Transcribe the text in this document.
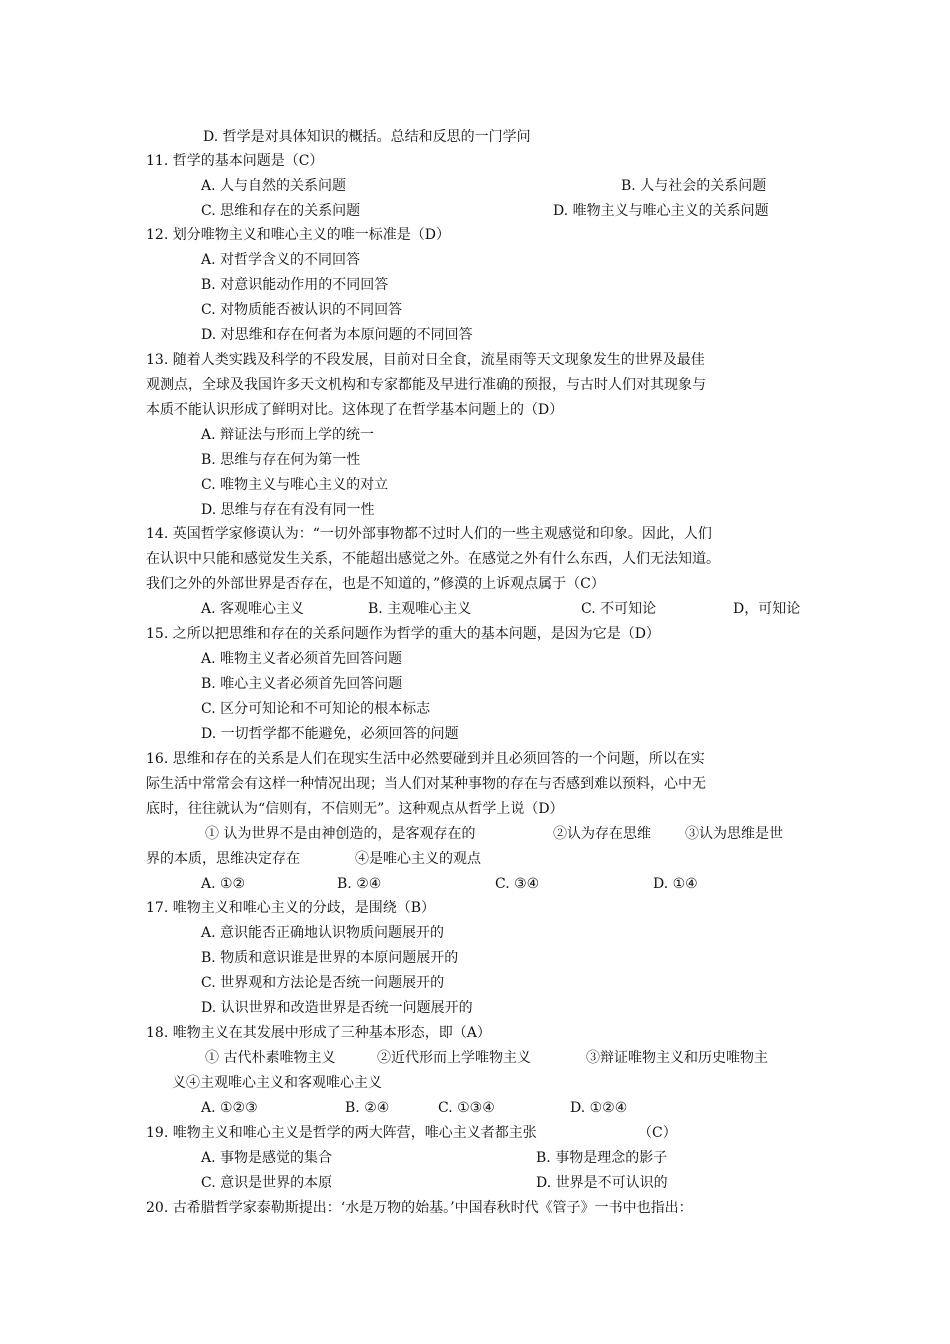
D. 哲学是对具体知识的概括。总结和反思的一门学问
11. 哲学的基本问题是（C）
A. 人与自然的关系问题	B. 人与社会的关系问题
C. 思维和存在的关系问题	D. 唯物主义与唯心主义的关系问题
12. 划分唯物主义和唯心主义的唯一标准是（D）
A. 对哲学含义的不同回答
B. 对意识能动作用的不同回答
C. 对物质能否被认识的不同回答
D. 对思维和存在何者为本原问题的不同回答
13. 随着人类实践及科学的不段发展，目前对日全食，流星雨等天文现象发生的世界及最佳
观测点，全球及我国许多天文机构和专家都能及早进行准确的预报，与古时人们对其现象与
本质不能认识形成了鲜明对比。这体现了在哲学基本问题上的（D）
A. 辩证法与形而上学的统一
B. 思维与存在何为第一性
C. 唯物主义与唯心主义的对立
D. 思维与存在有没有同一性
14. 英国哲学家修谟认为：“一切外部事物都不过时人们的一些主观感觉和印象。因此，人们
在认识中只能和感觉发生关系，不能超出感觉之外。在感觉之外有什么东西，人们无法知道。
我们之外的外部世界是否存在，也是不知道的，”修漠的上诉观点属于（C）
A. 客观唯心主义	B. 主观唯心主义	C. 不可知论	D，可知论
15. 之所以把思维和存在的关系问题作为哲学的重大的基本问题，是因为它是（D）
A. 唯物主义者必须首先回答问题
B. 唯心主义者必须首先回答问题
C. 区分可知论和不可知论的根本标志
D. 一切哲学都不能避免，必须回答的问题
16. 思维和存在的关系是人们在现实生活中必然要碰到并且必须回答的一个问题，所以在实
际生活中常常会有这样一种情况出现；当人们对某种事物的存在与否感到难以预料，心中无
底时，往往就认为“信则有，不信则无”。这种观点从哲学上说（D）
① 认为世界不是由神创造的，是客观存在的	②认为存在思维 ③认为思维是世
界的本质，思维决定存在	④是唯心主义的观点
A. ①②	B. ②④	C. ③④	D. ①④
17. 唯物主义和唯心主义的分歧，是围绕（B）
A. 意识能否正确地认识物质问题展开的
B. 物质和意识谁是世界的本原问题展开的
C. 世界观和方法论是否统一问题展开的
D. 认识世界和改造世界是否统一问题展开的
18. 唯物主义在其发展中形成了三种基本形态，即（A）
① 古代朴素唯物主义	②近代形而上学唯物主义	③辩证唯物主义和历史唯物主
义④主观唯心主义和客观唯心主义
A. ①②③	B. ②④	C. ①③④	D. ①②④
19. 唯物主义和唯心主义是哲学的两大阵营，唯心主义者都主张	（C）
A. 事物是感觉的集合	B. 事物是理念的影子
C. 意识是世界的本原	D. 世界是不可认识的
20. 古希腊哲学家泰勒斯提出：‘水是万物的始基。’中国春秋时代《管子》一书中也指出：
